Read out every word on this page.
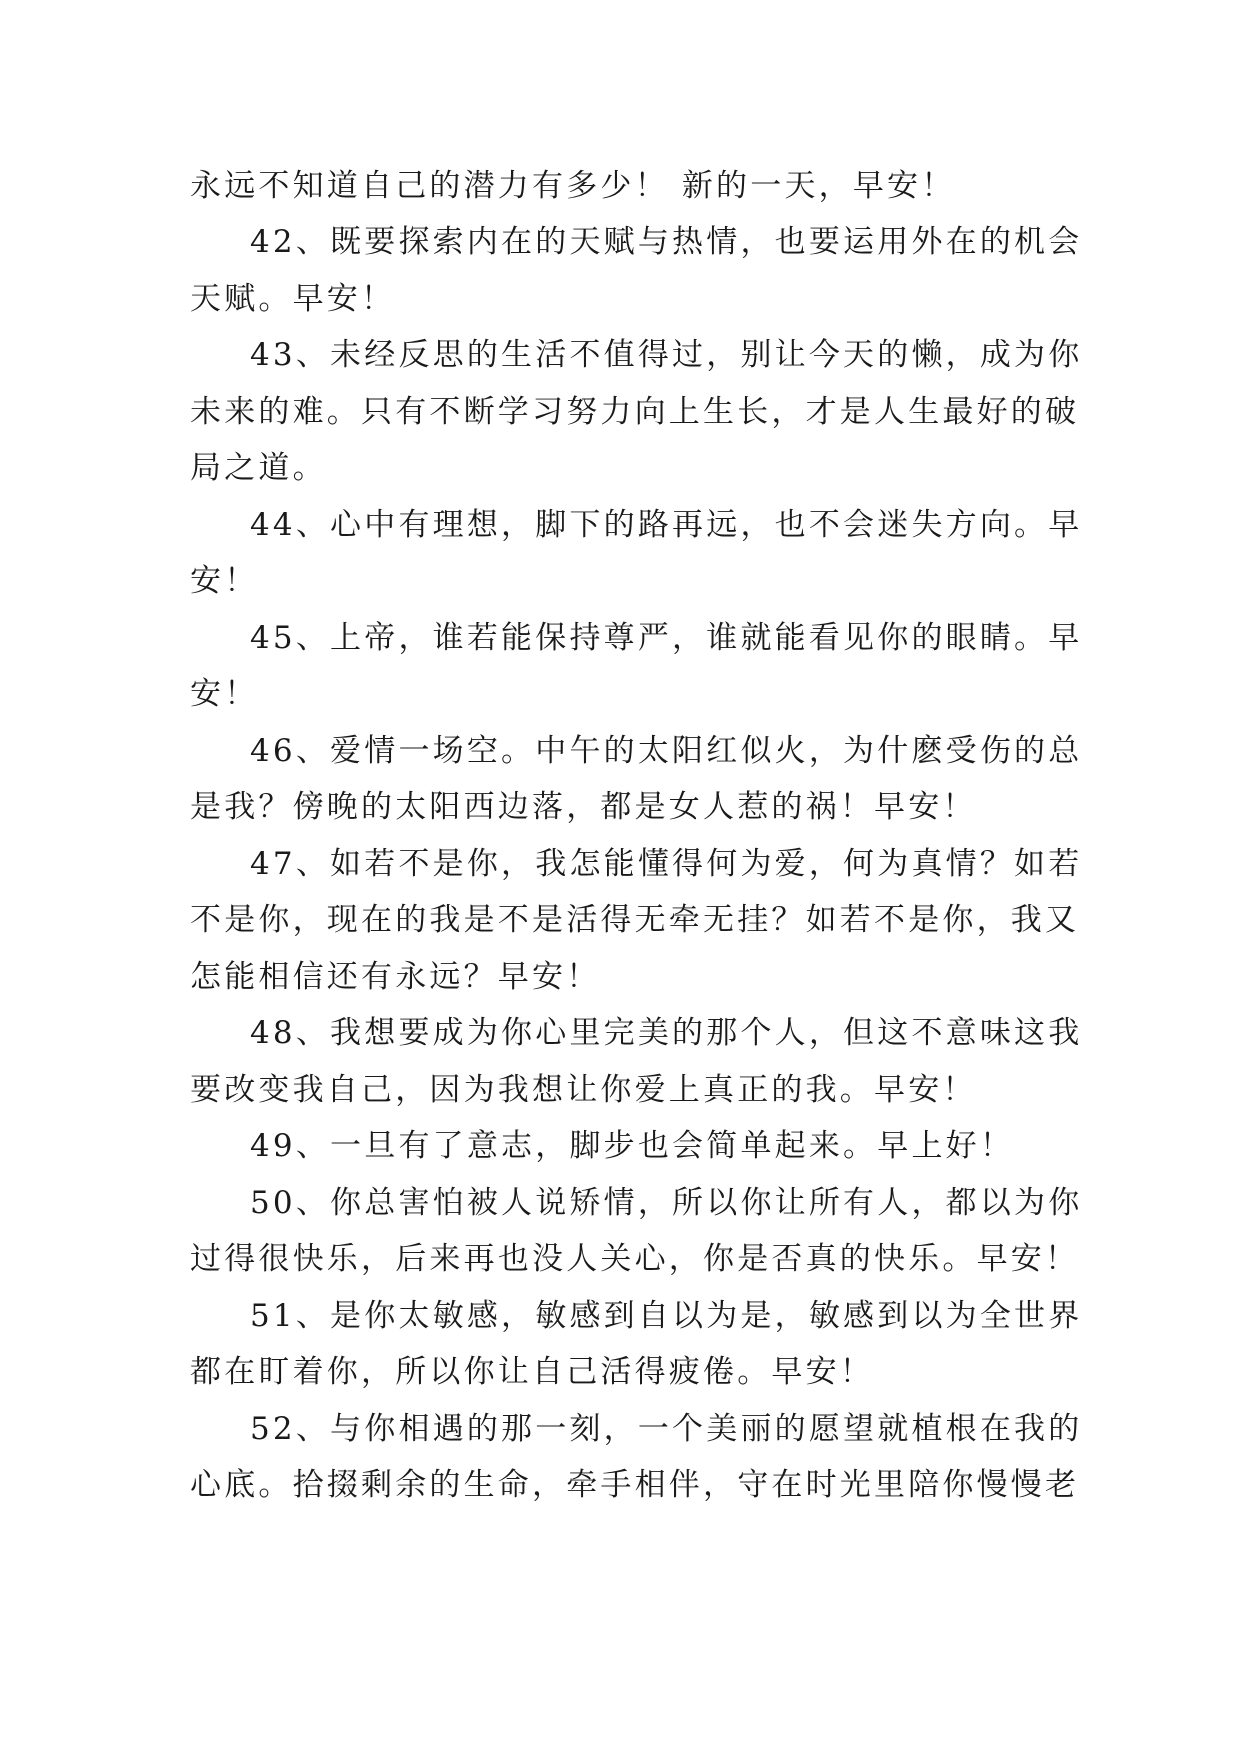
永远不知道自己的潜力有多少！ 新的一天，早安！
42、既要探索内在的天赋与热情，也要运用外在的机会
天赋。早安！
43、未经反思的生活不值得过，别让今天的懒，成为你
未来的难。只有不断学习努力向上生长，才是人生最好的破
局之道。
44、心中有理想，脚下的路再远，也不会迷失方向。早
安！
45、上帝，谁若能保持尊严，谁就能看见你的眼睛。早
安！
46、爱情一场空。中午的太阳红似火，为什麽受伤的总
是我？傍晚的太阳西边落，都是女人惹的祸！早安！
47、如若不是你，我怎能懂得何为爱，何为真情？如若
不是你，现在的我是不是活得无牵无挂？如若不是你，我又
怎能相信还有永远？早安！
48、我想要成为你心里完美的那个人，但这不意味这我
要改变我自己，因为我想让你爱上真正的我。早安！
49、一旦有了意志，脚步也会简单起来。早上好！
50、你总害怕被人说矫情，所以你让所有人，都以为你
过得很快乐，后来再也没人关心，你是否真的快乐。早安！
51、是你太敏感，敏感到自以为是，敏感到以为全世界
都在盯着你，所以你让自己活得疲倦。早安！
52、与你相遇的那一刻，一个美丽的愿望就植根在我的
心底。拾掇剩余的生命，牵手相伴，守在时光里陪你慢慢老
